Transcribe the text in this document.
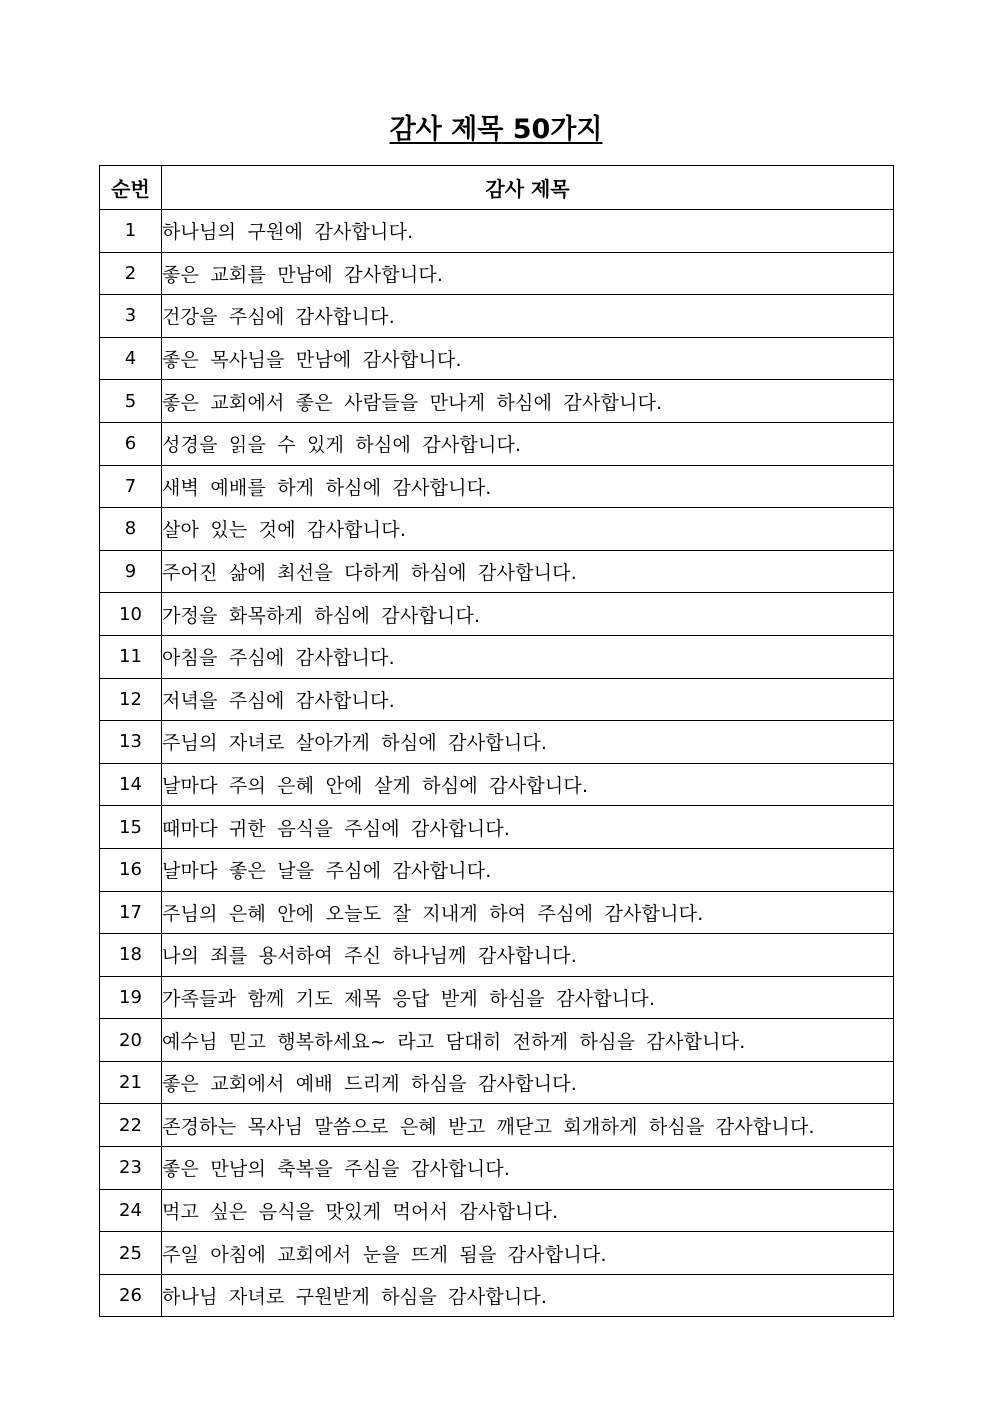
감사 제목 50가지
순번	감사 제목
1	하나님의 구원에 감사합니다.
2	좋은 교회를 만남에 감사합니다.
3	건강을 주심에 감사합니다.
4	좋은 목사님을 만남에 감사합니다.
5	좋은 교회에서 좋은 사람들을 만나게 하심에 감사합니다.
6	성경을 읽을 수 있게 하심에 감사합니다.
7	새벽 예배를 하게 하심에 감사합니다.
8	살아 있는 것에 감사합니다.
9	주어진 삶에 최선을 다하게 하심에 감사합니다.
10	가정을 화목하게 하심에 감사합니다.
11	아침을 주심에 감사합니다.
12	저녁을 주심에 감사합니다.
13	주님의 자녀로 살아가게 하심에 감사합니다.
14	날마다 주의 은혜 안에 살게 하심에 감사합니다.
15	때마다 귀한 음식을 주심에 감사합니다.
16	날마다 좋은 날을 주심에 감사합니다.
17	주님의 은혜 안에 오늘도 잘 지내게 하여 주심에 감사합니다.
18	나의 죄를 용서하여 주신 하나님께 감사합니다.
19	가족들과 함께 기도 제목 응답 받게 하심을 감사합니다.
20	예수님 믿고 행복하세요~ 라고 담대히 전하게 하심을 감사합니다.
21	좋은 교회에서 예배 드리게 하심을 감사합니다.
22	존경하는 목사님 말씀으로 은혜 받고 깨닫고 회개하게 하심을 감사합니다.
23	좋은 만남의 축복을 주심을 감사합니다.
24	먹고 싶은 음식을 맛있게 먹어서 감사합니다.
25	주일 아침에 교회에서 눈을 뜨게 됨을 감사합니다.
26	하나님 자녀로 구원받게 하심을 감사합니다.
